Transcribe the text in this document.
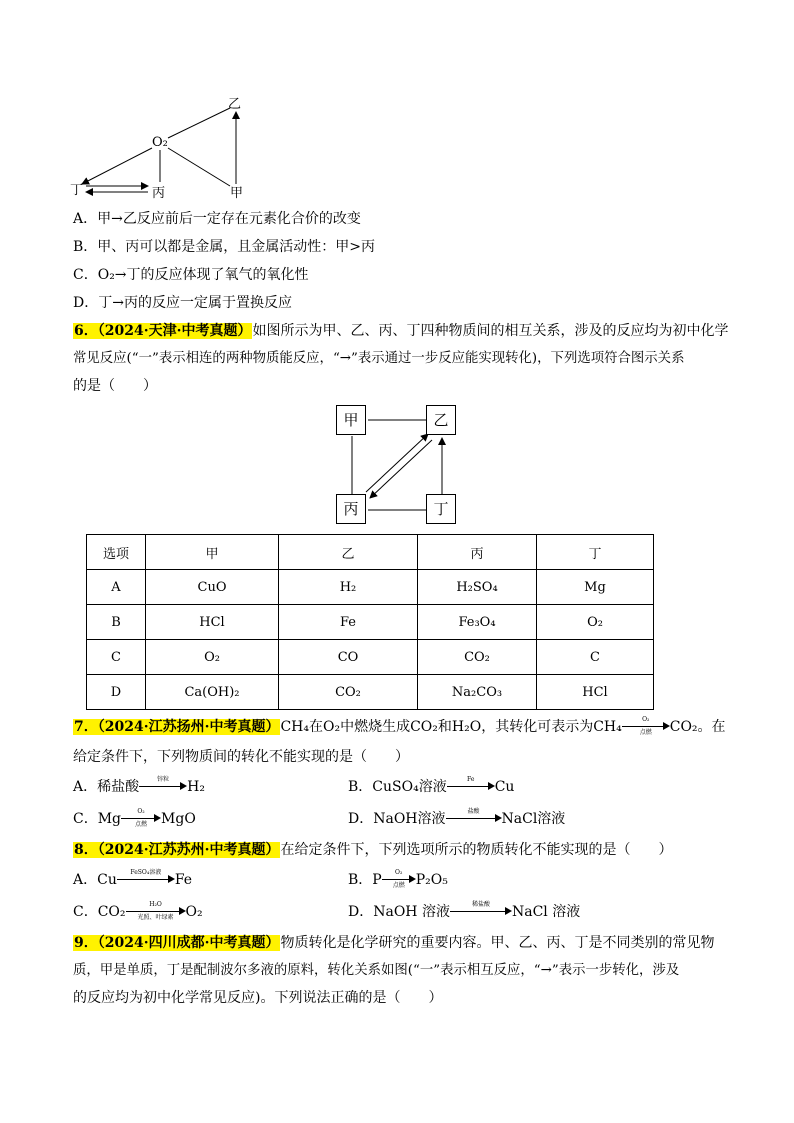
乙
O₂
丁	丙	甲
A．甲→乙反应前后一定存在元素化合价的改变
B．甲、丙可以都是金属，且金属活动性：甲>丙
C．O₂→丁的反应体现了氧气的氧化性
D．丁→丙的反应一定属于置换反应
6．（2024·天津·中考真题）如图所示为甲、乙、丙、丁四种物质间的相互关系，涉及的反应均为初中化学
常见反应(“一”表示相连的两种物质能反应，“→”表示通过一步反应能实现转化)，下列选项符合图示关系
的是（　　）
甲	乙
丙	丁
选项	甲	乙	丙	丁
A	CuO	H₂	H₂SO₄	Mg
B	HCl	Fe	Fe₃O₄	O₂
C	O₂	CO	CO₂	C
D	Ca(OH)₂	CO₂	Na₂CO₃	HCl
7．（2024·江苏扬州·中考真题）CH₄在O₂中燃烧生成CO₂和H₂O，其转化可表示为CH₄	O₂
点燃	CO₂。在
给定条件下，下列物质间的转化不能实现的是（　　）
A．稀盐酸	锌粒	H₂	B．CuSO₄溶液	Fe	Cu
C．Mg	O₂
点燃	MgO	D．NaOH溶液	盐酸	NaCl溶液
8．（2024·江苏苏州·中考真题）在给定条件下，下列选项所示的物质转化不能实现的是（　　）
A．Cu	FeSO₄溶液 Fe	B．P	O₂
点燃 P₂O₅
C．CO₂	H₂O
光照、叶绿素 O₂	D．NaOH 溶液	稀盐酸	NaCl 溶液
9．（2024·四川成都·中考真题）物质转化是化学研究的重要内容。甲、乙、丙、丁是不同类别的常见物
质，甲是单质，丁是配制波尔多液的原料，转化关系如图(“一”表示相互反应，“→”表示一步转化，涉及
的反应均为初中化学常见反应)。下列说法正确的是（　　）
